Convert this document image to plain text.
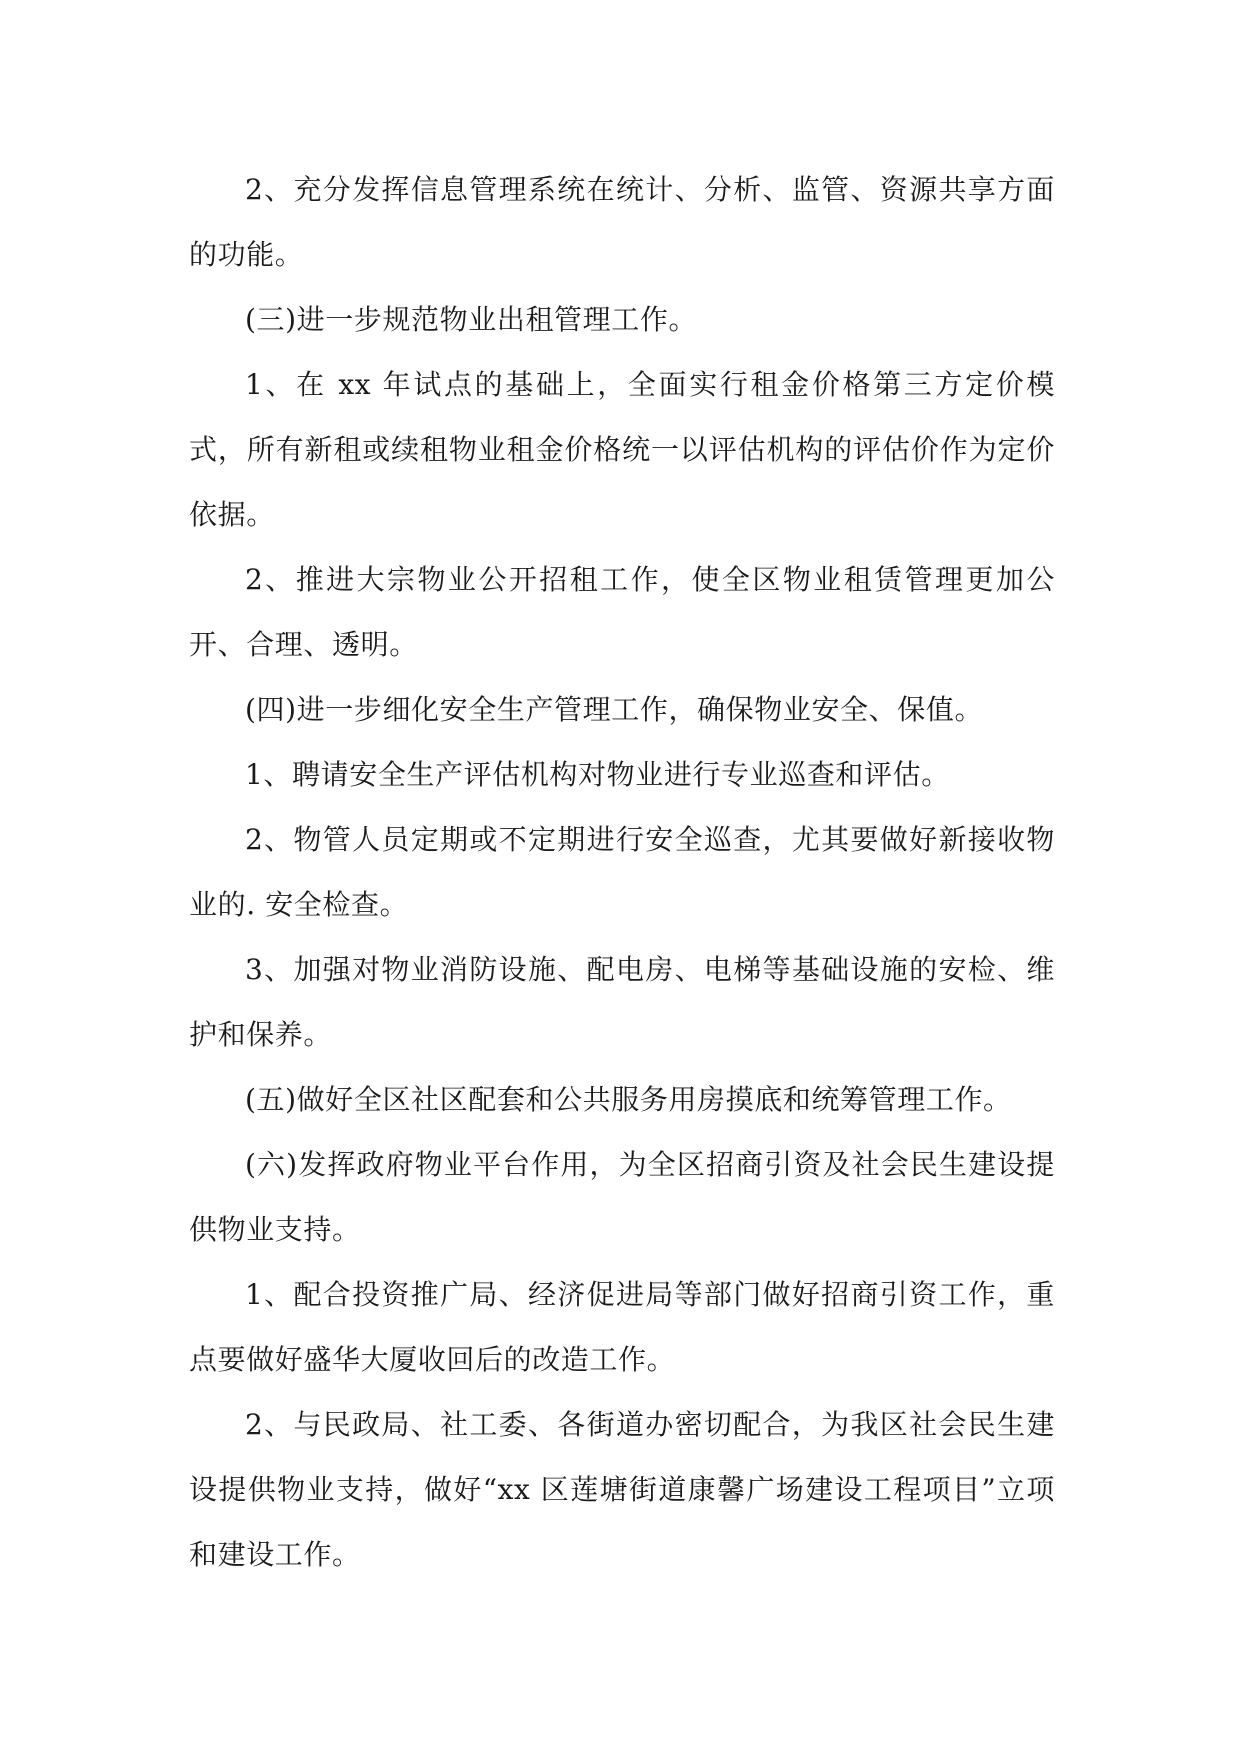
2、充分发挥信息管理系统在统计、分析、监管、资源共享方面的功能。

(三)进一步规范物业出租管理工作。

1、在 xx 年试点的基础上，全面实行租金价格第三方定价模式，所有新租或续租物业租金价格统一以评估机构的评估价作为定价依据。

2、推进大宗物业公开招租工作，使全区物业租赁管理更加公开、合理、透明。

(四)进一步细化安全生产管理工作，确保物业安全、保值。

1、聘请安全生产评估机构对物业进行专业巡查和评估。

2、物管人员定期或不定期进行安全巡查，尤其要做好新接收物业的. 安全检查。

3、加强对物业消防设施、配电房、电梯等基础设施的安检、维护和保养。

(五)做好全区社区配套和公共服务用房摸底和统筹管理工作。

(六)发挥政府物业平台作用，为全区招商引资及社会民生建设提供物业支持。

1、配合投资推广局、经济促进局等部门做好招商引资工作，重点要做好盛华大厦收回后的改造工作。

2、与民政局、社工委、各街道办密切配合，为我区社会民生建设提供物业支持，做好“xx 区莲塘街道康馨广场建设工程项目”立项和建设工作。
